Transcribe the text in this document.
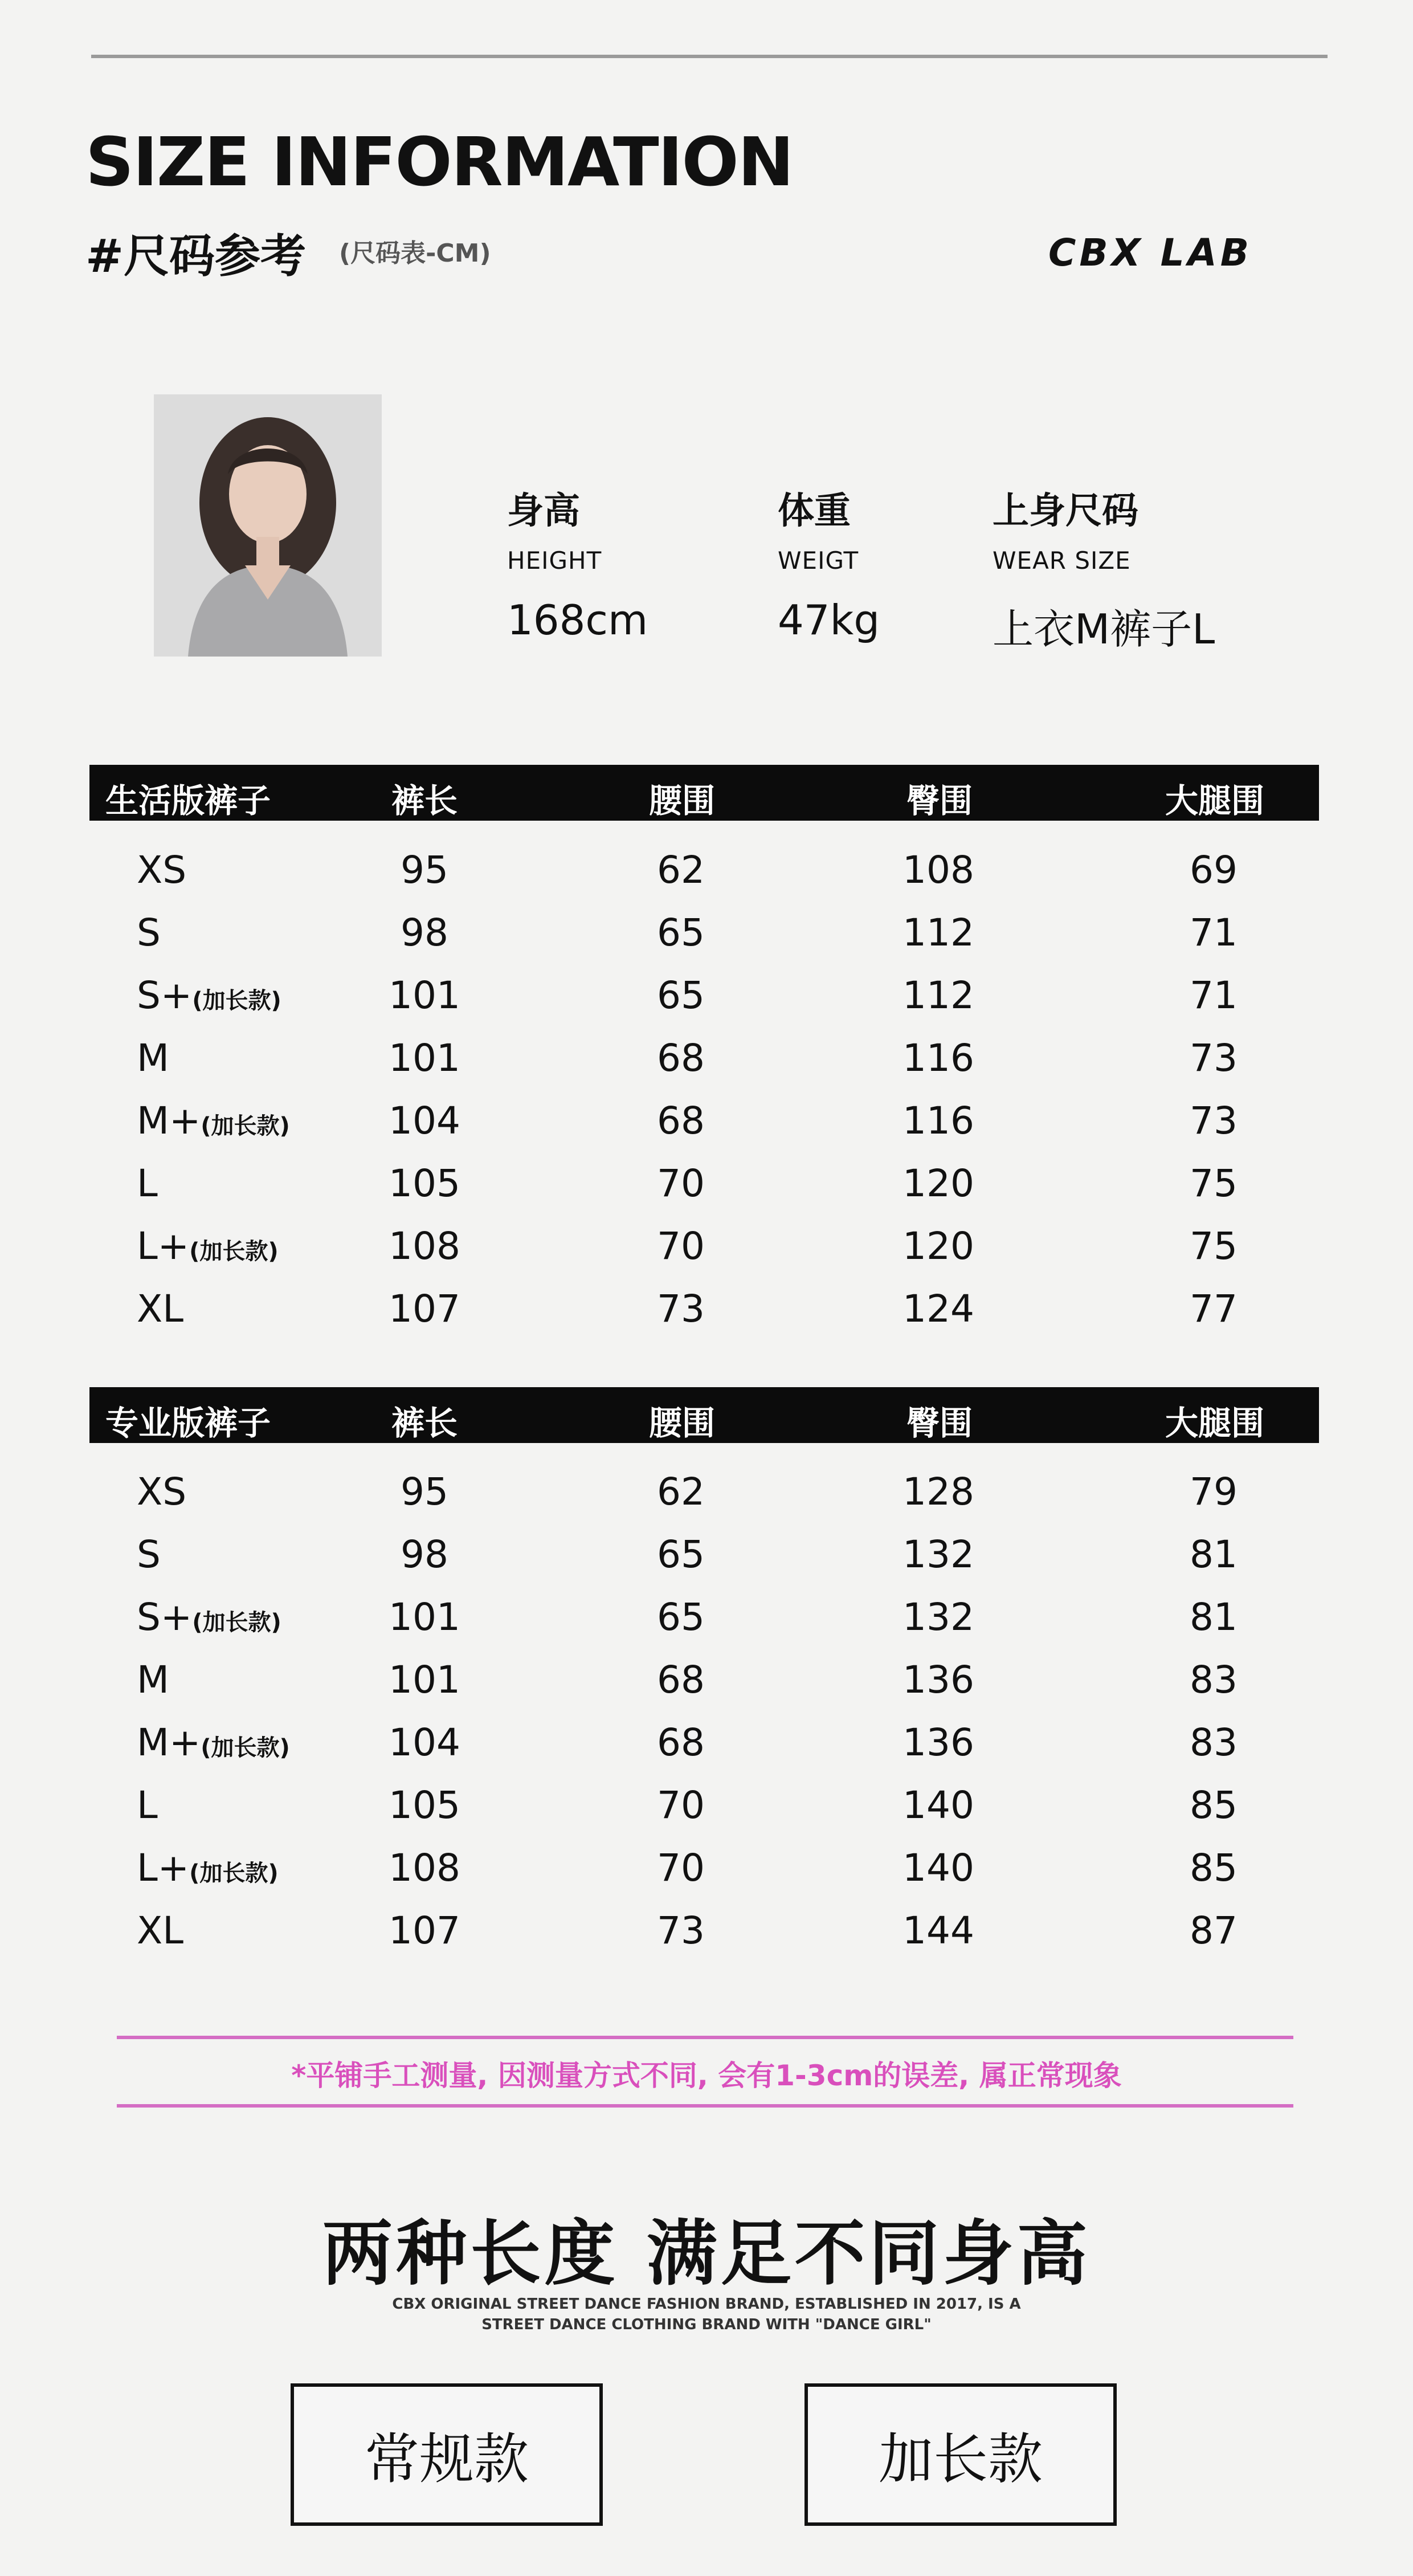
SIZE INFORMATION
#尺码参考 (尺码表-CM)	CBX LAB
身高
HEIGHT
168cm
体重
WEIGT
47kg
上身尺码
WEAR SIZE
上衣M裤子L
生活版裤子	裤长	腰围	臀围	大腿围
XS	95	62	108	69
S	98	65	112	71
S+(加长款)	101	65	112	71
M	101	68	116	73
M+(加长款)	104	68	116	73
L	105	70	120	75
L+(加长款)	108	70	120	75
XL	107	73	124	77
专业版裤子	裤长	腰围	臀围	大腿围
XS	95	62	128	79
S	98	65	132	81
S+(加长款)	101	65	132	81
M	101	68	136	83
M+(加长款)	104	68	136	83
L	105	70	140	85
L+(加长款)	108	70	140	85
XL	107	73	144	87
*平铺手工测量, 因测量方式不同, 会有1-3cm的误差, 属正常现象
两种长度 满足不同身高
CBX ORIGINAL STREET DANCE FASHION BRAND, ESTABLISHED IN 2017, IS A
STREET DANCE CLOTHING BRAND WITH "DANCE GIRL"
常规款	加长款
